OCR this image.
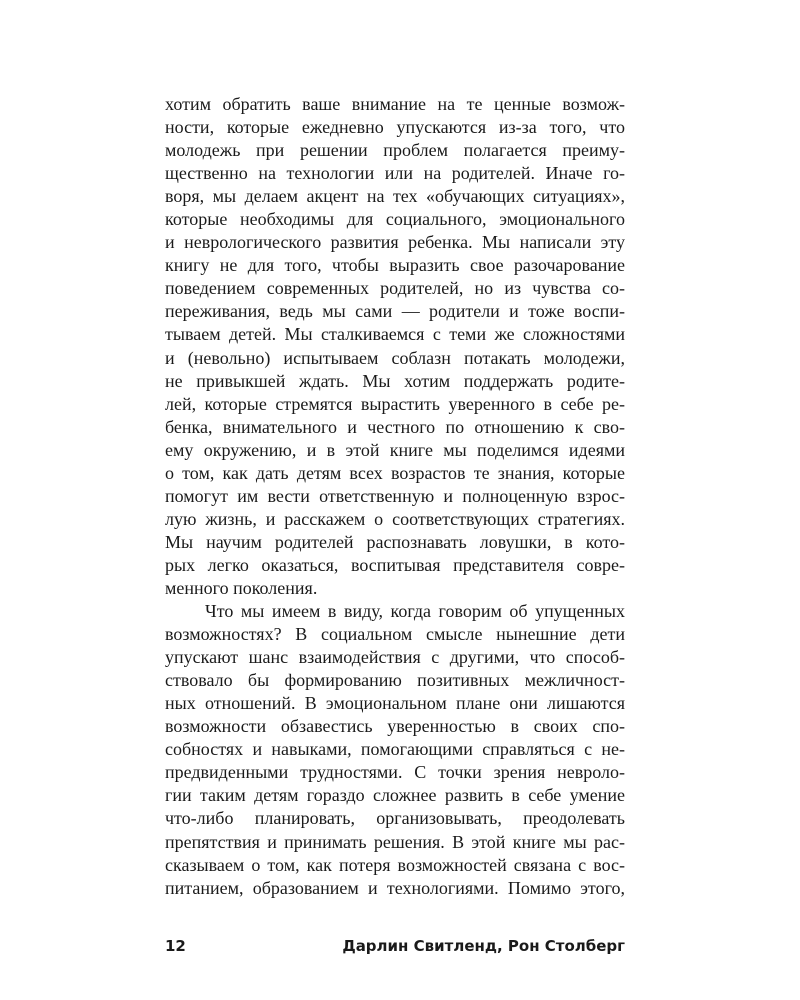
хотим обратить ваше внимание на те ценные возмож-
ности, которые ежедневно упускаются из-за того, что
молодежь при решении проблем полагается преиму-
щественно на технологии или на родителей. Иначе го-
воря, мы делаем акцент на тех «обучающих ситуациях»,
которые необходимы для социального, эмоционального
и неврологического развития ребенка. Мы написали эту
книгу не для того, чтобы выразить свое разочарование
поведением современных родителей, но из чувства со-
переживания, ведь мы сами — родители и тоже воспи-
тываем детей. Мы сталкиваемся с теми же сложностями
и (невольно) испытываем соблазн потакать молодежи,
не привыкшей ждать. Мы хотим поддержать родите-
лей, которые стремятся вырастить уверенного в себе ре-
бенка, внимательного и честного по отношению к сво-
ему окружению, и в этой книге мы поделимся идеями
о том, как дать детям всех возрастов те знания, которые
помогут им вести ответственную и полноценную взрос-
лую жизнь, и расскажем о соответствующих стратегиях.
Мы научим родителей распознавать ловушки, в кото-
рых легко оказаться, воспитывая представителя совре-
менного поколения.
Что мы имеем в виду, когда говорим об упущенных
возможностях? В социальном смысле нынешние дети
упускают шанс взаимодействия с другими, что способ-
ствовало бы формированию позитивных межличност-
ных отношений. В эмоциональном плане они лишаются
возможности обзавестись уверенностью в своих спо-
собностях и навыками, помогающими справляться с не-
предвиденными трудностями. С точки зрения невроло-
гии таким детям гораздо сложнее развить в себе умение
что-либо планировать, организовывать, преодолевать
препятствия и принимать решения. В этой книге мы рас-
сказываем о том, как потеря возможностей связана с вос-
питанием, образованием и технологиями. Помимо этого,
12	Дарлин Свитленд, Рон Столберг
